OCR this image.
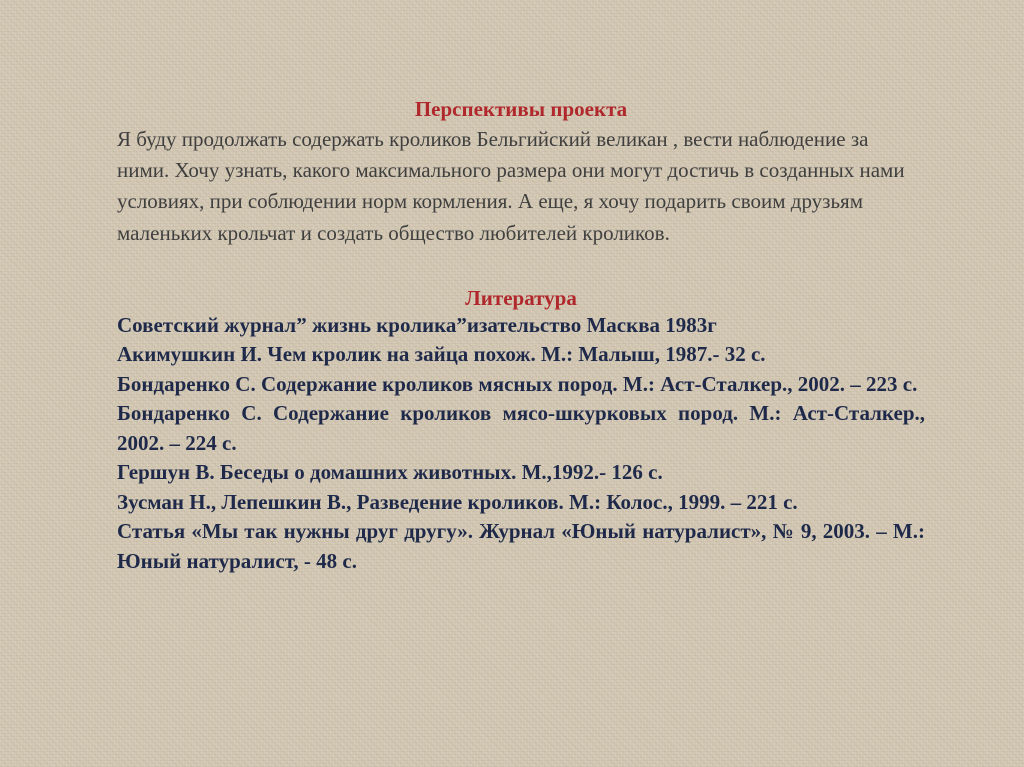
Перспективы проекта

Я буду продолжать содержать кроликов Бельгийский великан , вести наблюдение за ними. Хочу узнать, какого максимального размера они могут достичь в созданных нами условиях, при соблюдении норм кормления. А еще, я хочу подарить своим друзьям маленьких крольчат и создать общество любителей кроликов.

Литература
Советский журнал” жизнь кролика”изательство Масква 1983г
Акимушкин И. Чем кролик на зайца похож. М.: Малыш, 1987.- 32 с.
Бондаренко С. Содержание кроликов мясных пород. М.: Аст-Сталкер., 2002. – 223 с.
Бондаренко С. Содержание кроликов мясо-шкурковых пород. М.: Аст-Сталкер., 2002. – 224 с.
Гершун В. Беседы о домашних животных. М.,1992.- 126 с.
Зусман Н., Лепешкин В., Разведение кроликов. М.: Колос., 1999. – 221 с.
Статья «Мы так нужны друг другу». Журнал «Юный натуралист», № 9, 2003. – М.: Юный натуралист, - 48 с.
